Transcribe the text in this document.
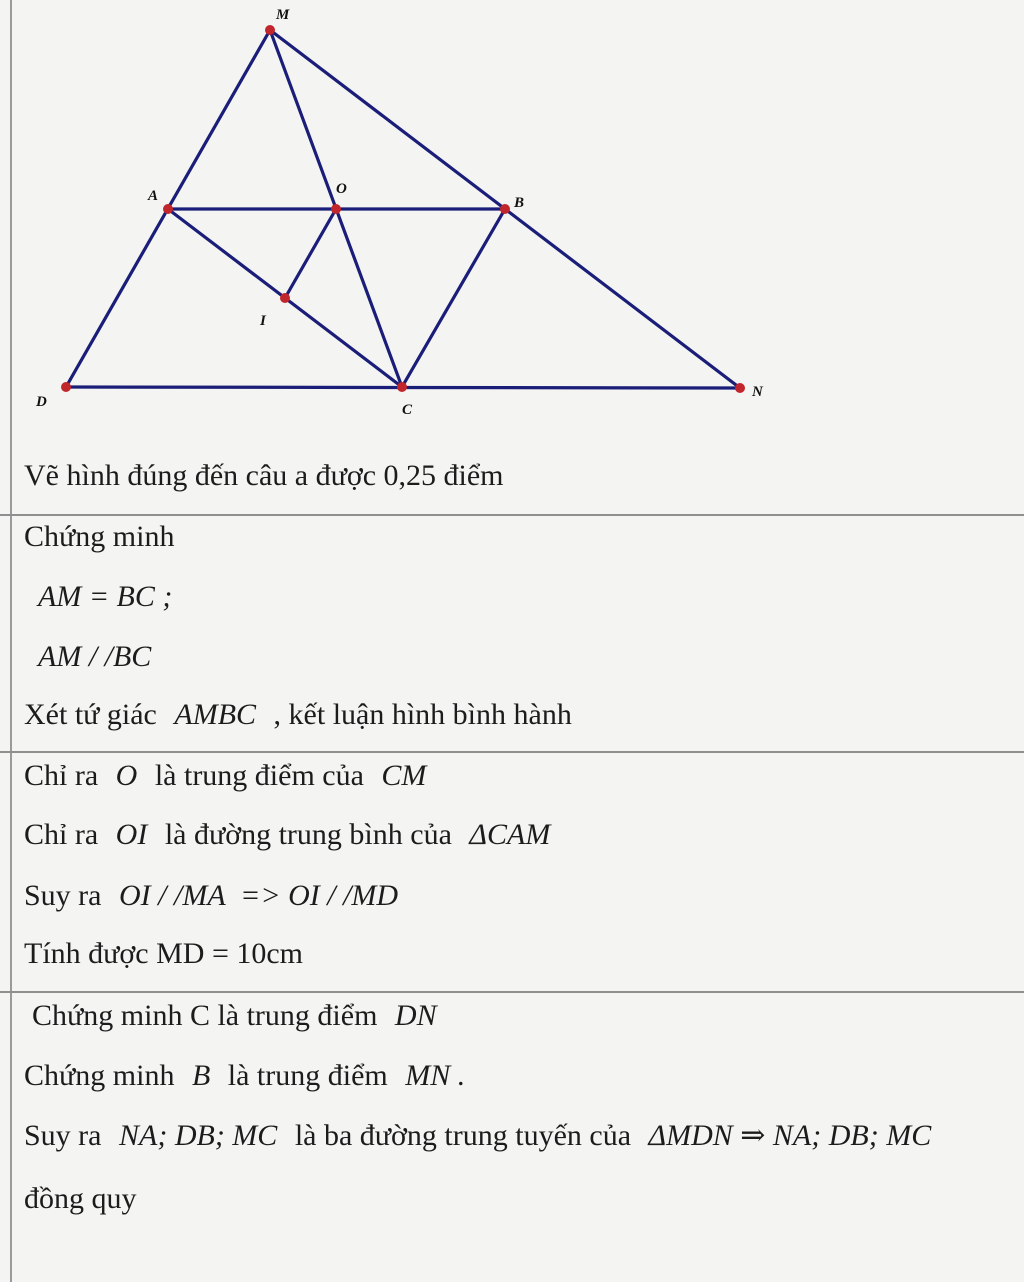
M
A	O
B
I
D	C
N
Vẽ hình đúng đến câu a được 0,25 điểm
Chứng minh
AM = BC ;
AM / /BC
Xét tứ giác AMBC , kết luận hình bình hành
Chỉ ra O là trung điểm của CM
Chỉ ra OI là đường trung bình của ΔCAM
Suy ra OI / /MA  => OI / /MD
Tính được MD = 10cm
Chứng minh C là trung điểm DN
Chứng minh B là trung điểm MN .
Suy ra NA; DB; MC là ba đường trung tuyến của ΔMDN ⇒ NA; DB; MC
đồng quy
